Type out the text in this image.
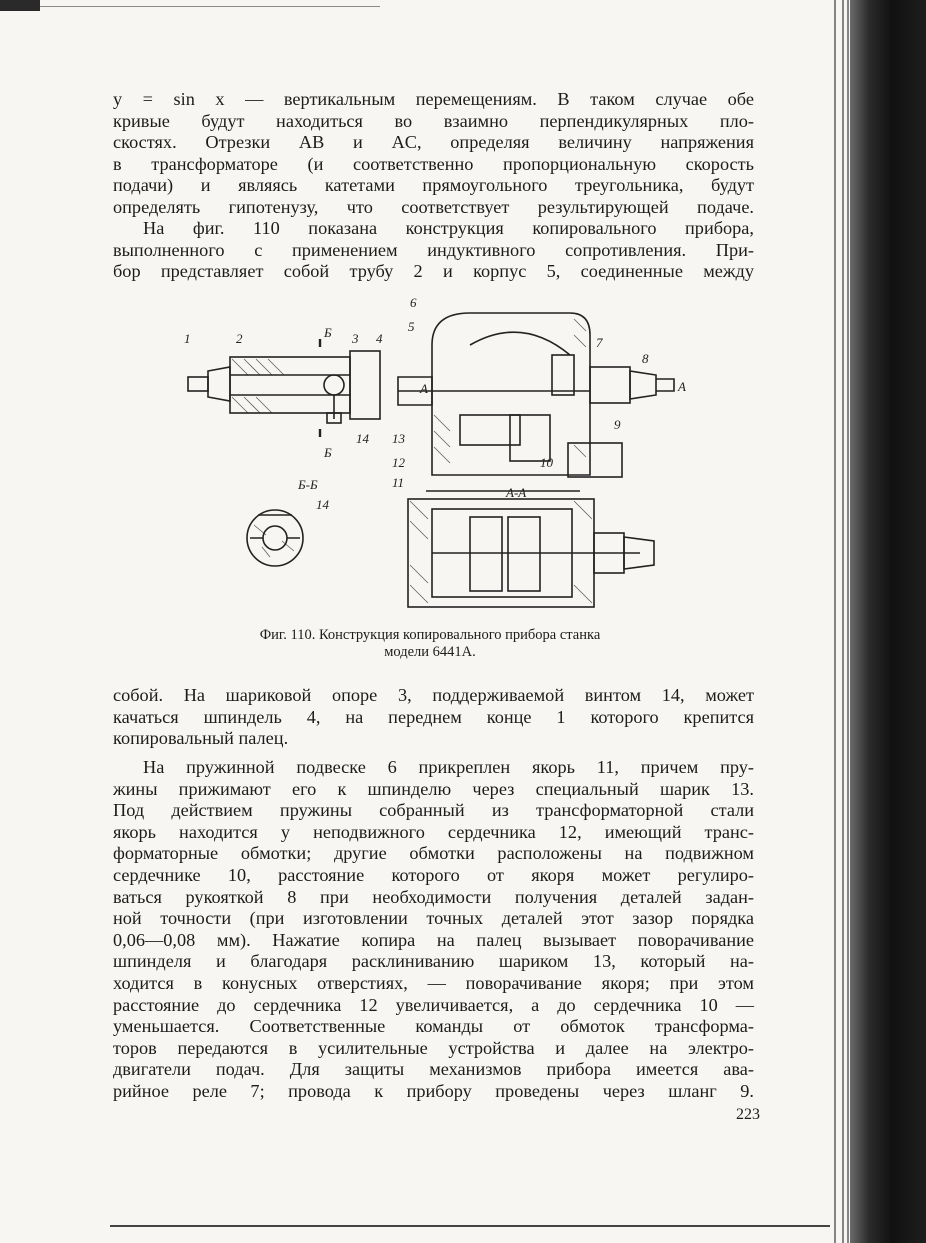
y = sin x — вертикальным перемещениям. В таком случае обе
кривые будут находиться во взаимно перпендикулярных пло-
скостях. Отрезки AB и AC, определяя величину напряжения
в трансформаторе (и соответственно пропорциональную скорость
подачи) и являясь катетами прямоугольного треугольника, будут
определять гипотенузу, что соответствует результирующей подаче.
На фиг. 110 показана конструкция копировального прибора,
выполненного с применением индуктивного сопротивления. При-
бор представляет собой трубу 2 и корпус 5, соединенные между
1	2	3 4
Б
Б
14
6
5
7
8
А
А
9
13
10
12
11
Б-Б
14
А-А
Фиг. 110. Конструкция копировального прибора станка
модели 6441А.
собой. На шариковой опоре 3, поддерживаемой винтом 14, может
качаться шпиндель 4, на переднем конце 1 которого крепится
копировальный палец.
На пружинной подвеске 6 прикреплен якорь 11, причем пру-
жины прижимают его к шпинделю через специальный шарик 13.
Под действием пружины собранный из трансформаторной стали
якорь находится у неподвижного сердечника 12, имеющий транс-
форматорные обмотки; другие обмотки расположены на подвижном
сердечнике 10, расстояние которого от якоря может регулиро-
ваться рукояткой 8 при необходимости получения деталей задан-
ной точности (при изготовлении точных деталей этот зазор порядка
0,06—0,08 мм). Нажатие копира на палец вызывает поворачивание
шпинделя и благодаря расклиниванию шариком 13, который на-
ходится в конусных отверстиях, — поворачивание якоря; при этом
расстояние до сердечника 12 увеличивается, а до сердечника 10 —
уменьшается. Соответственные команды от обмоток трансформа-
торов передаются в усилительные устройства и далее на электро-
двигатели подач. Для защиты механизмов прибора имеется ава-
рийное реле 7; провода к прибору проведены через шланг 9.
223
